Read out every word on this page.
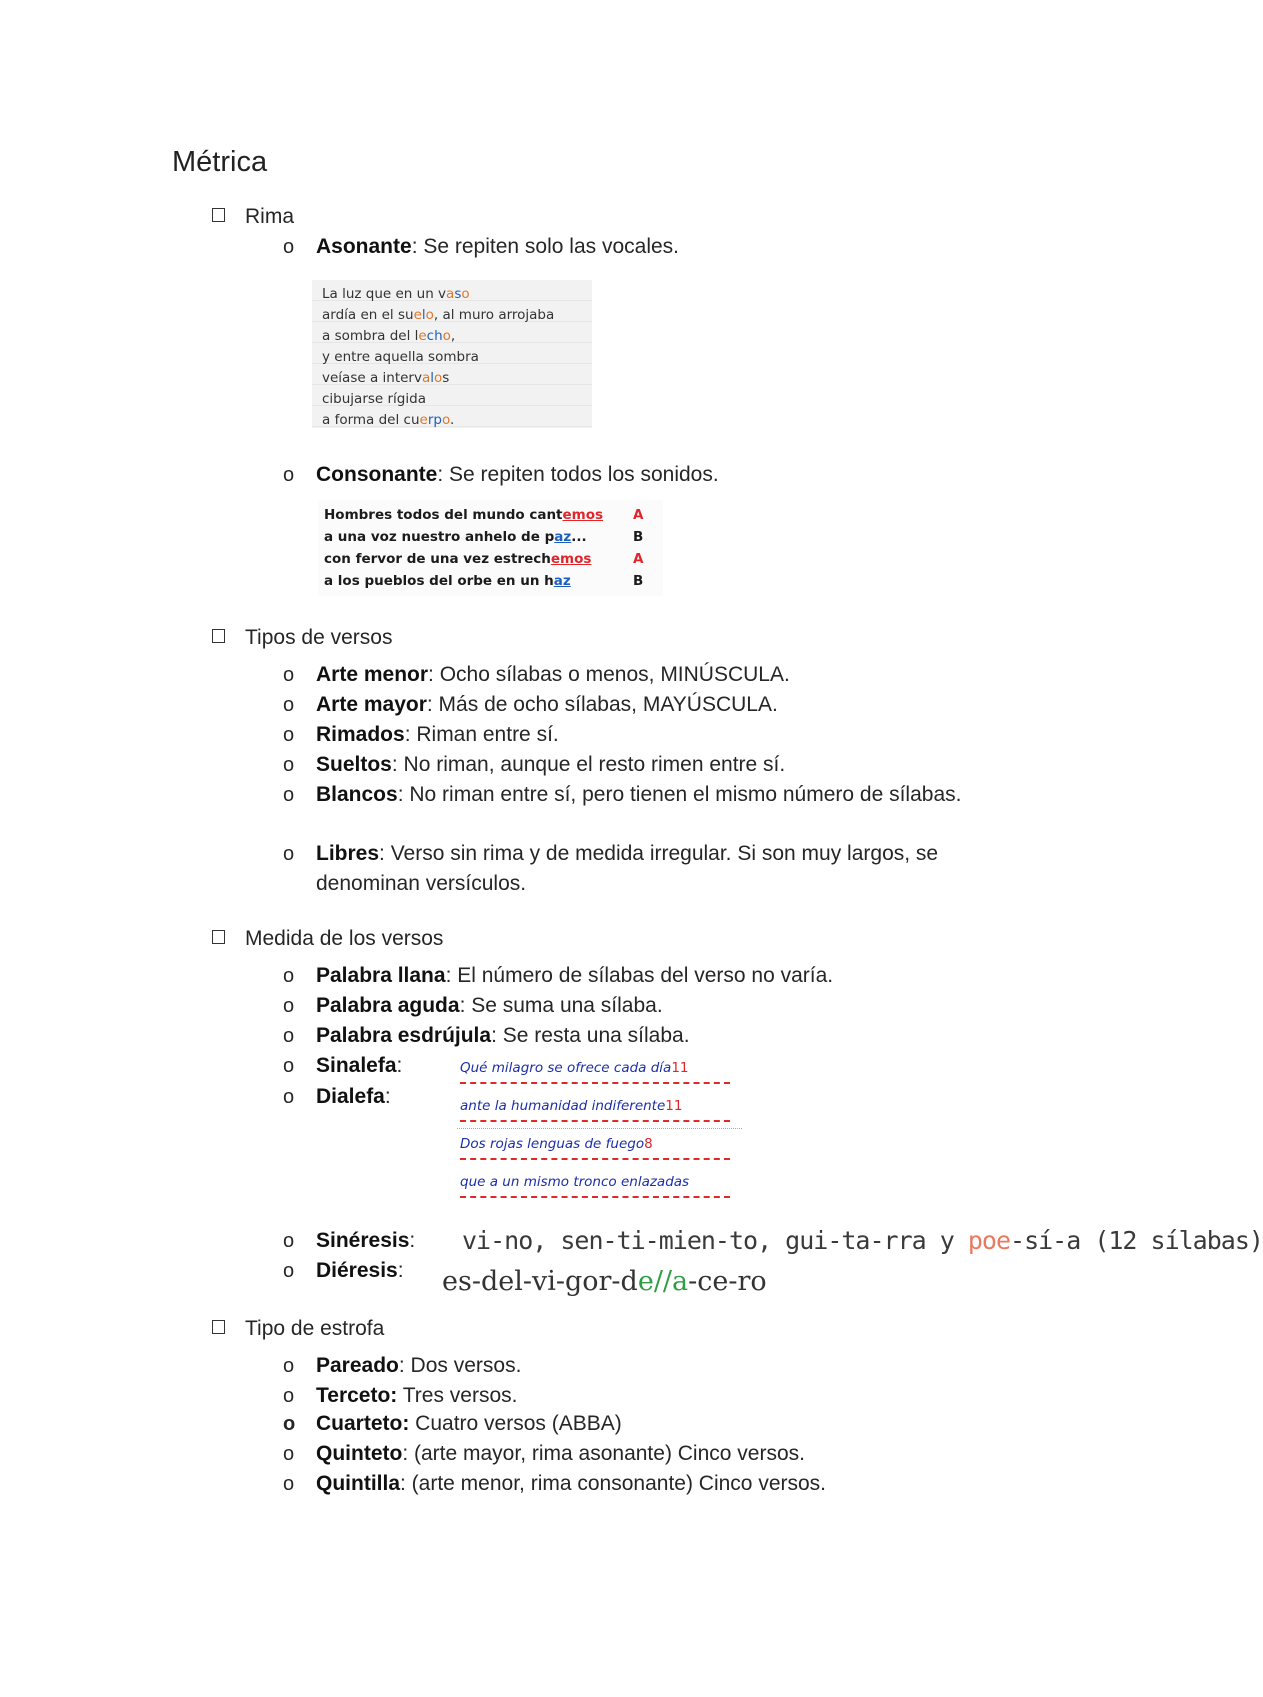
Métrica
Rima
o Asonante: Se repiten solo las vocales.
La luz que en un vaso
ardía en el suelo, al muro arrojaba
a sombra del lecho,
y entre aquella sombra
veíase a intervalos
cibujarse rígida
a forma del cuerpo.
o Consonante: Se repiten todos los sonidos.
Hombres todos del mundo cantemos A
a una voz nuestro anhelo de paz...	B
con fervor de una vez estrechemos	A
a los pueblos del orbe en un haz	B
Tipos de versos
o Arte menor: Ocho sílabas o menos, MINÚSCULA.
o Arte mayor: Más de ocho sílabas, MAYÚSCULA.
o Rimados: Riman entre sí.
o Sueltos: No riman, aunque el resto rimen entre sí.
o Blancos: No riman entre sí, pero tienen el mismo número de sílabas.
o Libres: Verso sin rima y de medida irregular. Si son muy largos, se denominan versículos.
Medida de los versos
o Palabra llana: El número de sílabas del verso no varía.
o Palabra aguda: Se suma una sílaba.
o Palabra esdrújula: Se resta una sílaba.
o Sinalefa:
o Dialefa:
o Sinéresis:
o Diéresis:
Qué milagro se ofrece cada día11
ante la humanidad indiferente11
Dos rojas lenguas de fuego8
que a un mismo tronco enlazadas
vi-no, sen-ti-mien-to, gui-ta-rra y poe-sí-a (12 sílabas)
es-del-vi-gor-de//a-ce-ro
Tipo de estrofa
o Pareado: Dos versos.
o Terceto: Tres versos.
o Cuarteto: Cuatro versos (ABBA)
o Quinteto: (arte mayor, rima asonante) Cinco versos.
o Quintilla: (arte menor, rima consonante) Cinco versos.
